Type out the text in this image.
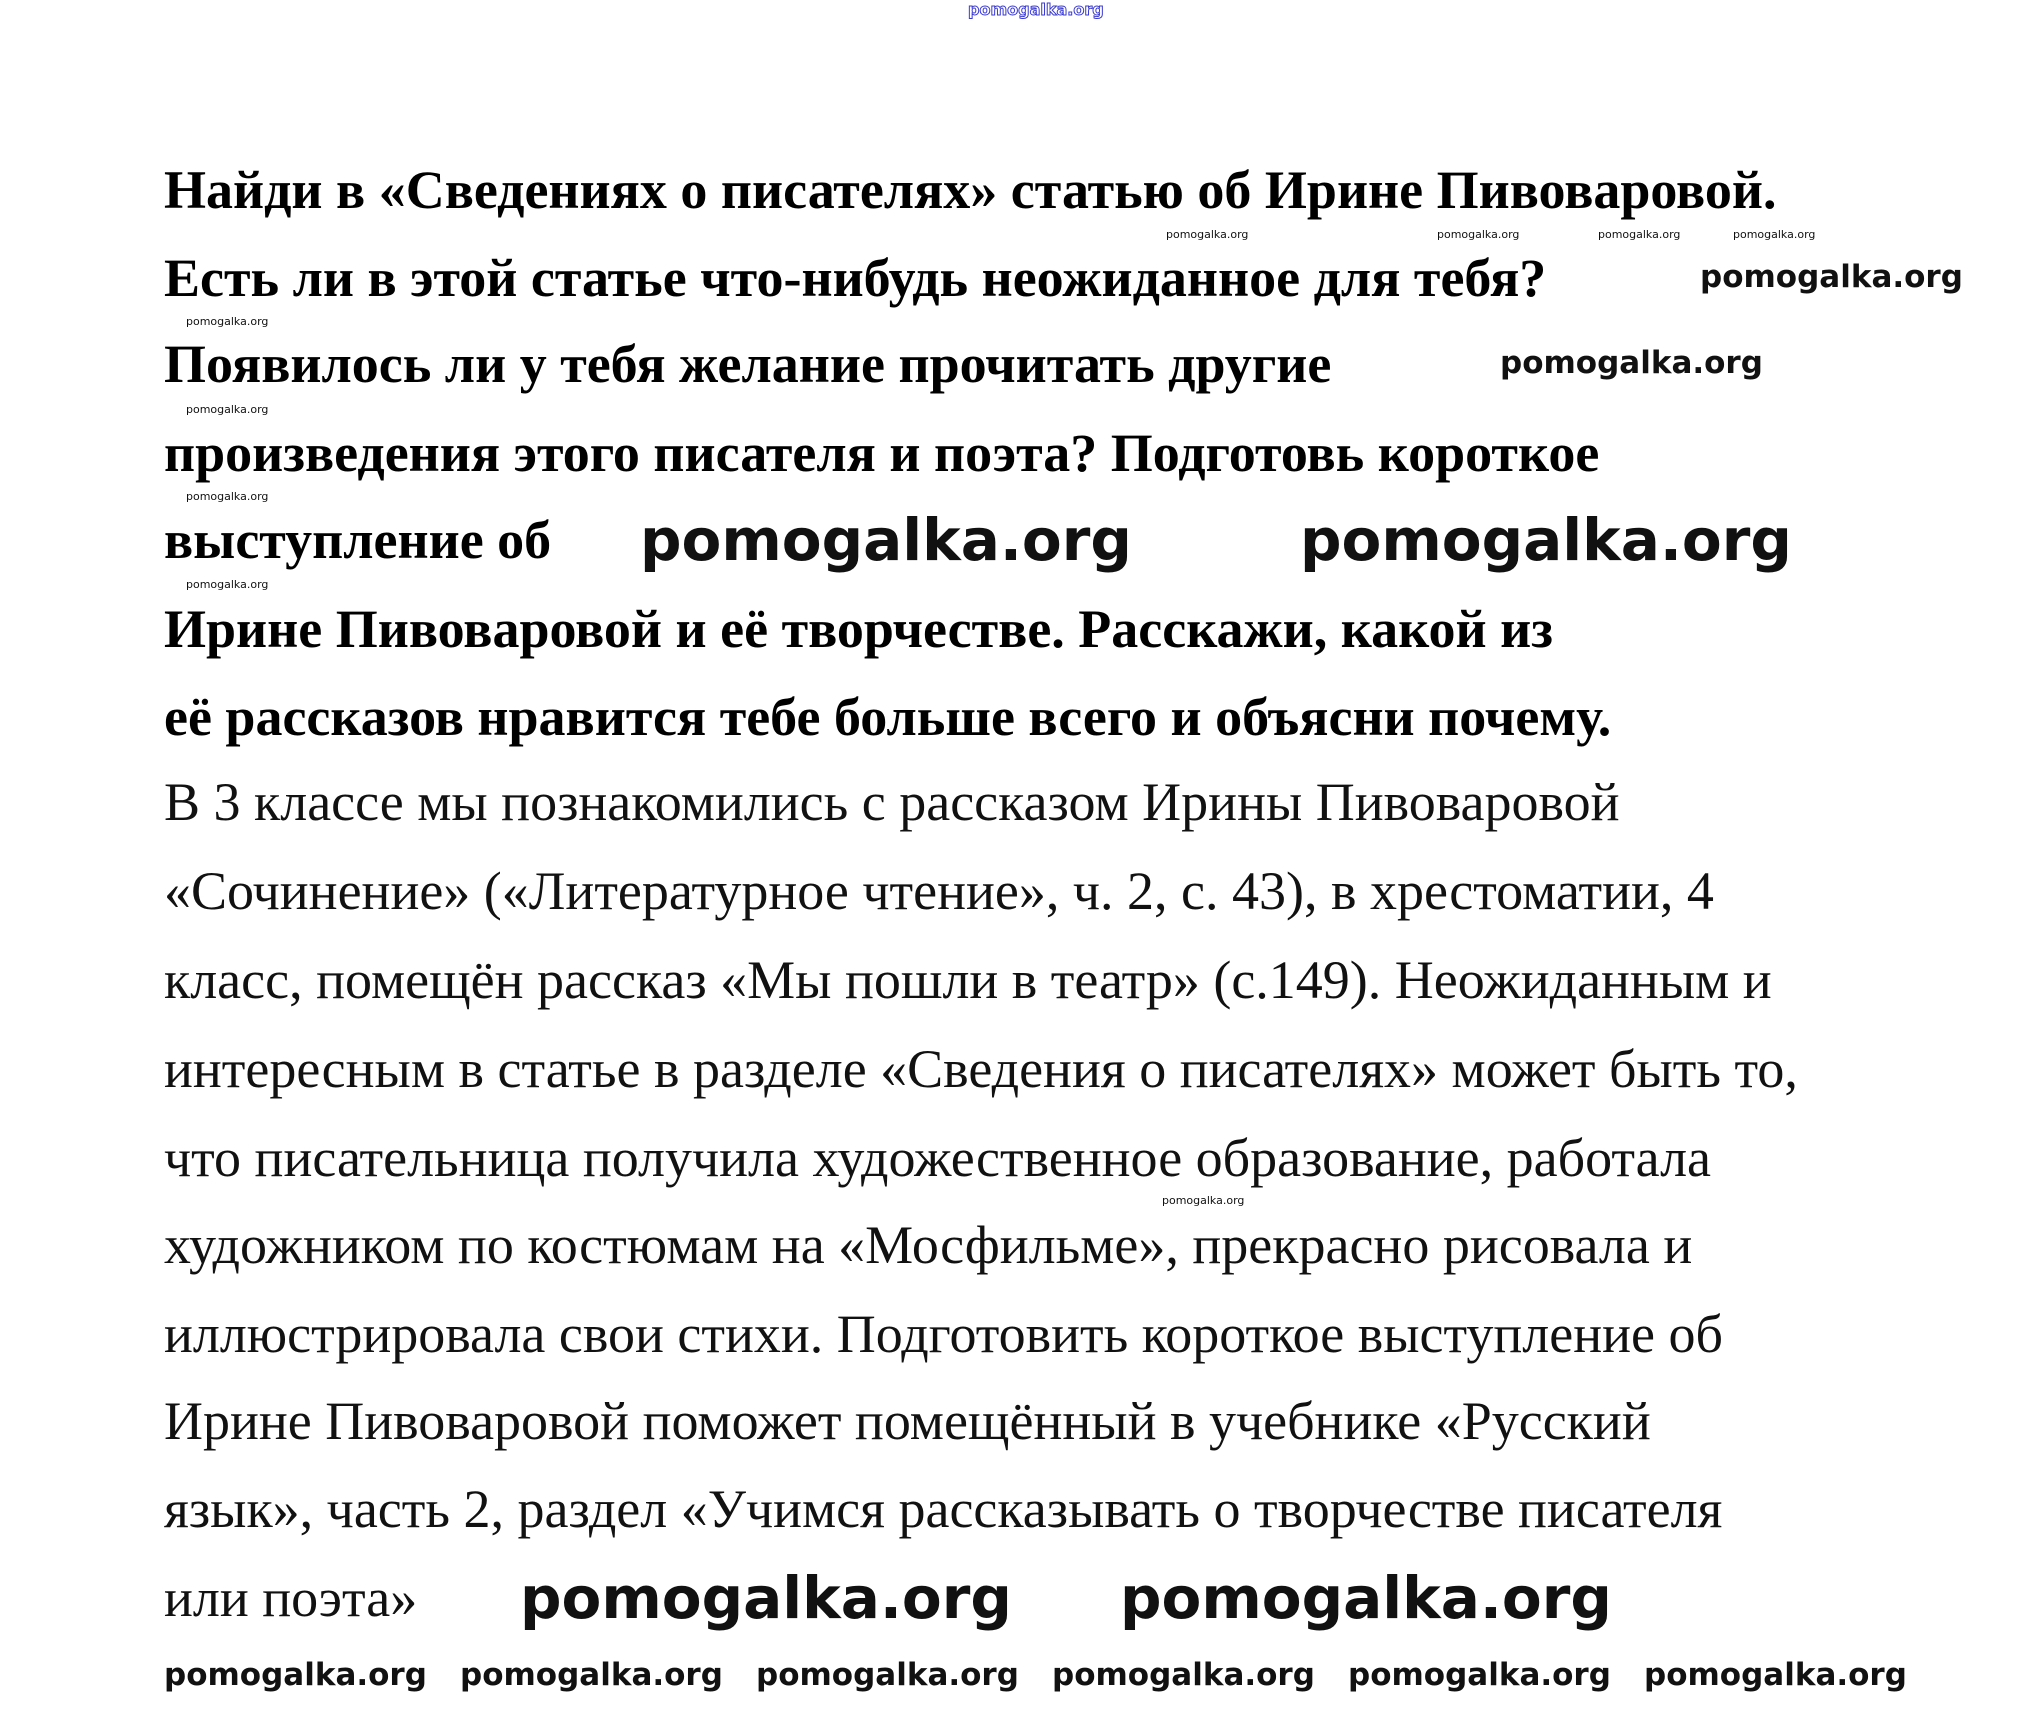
pomogalka.org
Найди в «Сведениях о писателях» статью об Ирине Пивоваровой.
Есть ли в этой статье что-нибудь неожиданное для тебя?
Появилось ли у тебя желание прочитать другие
произведения этого писателя и поэта? Подготовь короткое
выступление об
Ирине Пивоваровой и её творчестве. Расскажи, какой из
её рассказов нравится тебе больше всего и объясни почему.
В 3 классе мы познакомились с рассказом Ирины Пивоваровой
«Сочинение» («Литературное чтение», ч. 2, с. 43), в хрестоматии, 4
класс, помещён рассказ «Мы пошли в театр» (с.149). Неожиданным и
интересным в статье в разделе «Сведения о писателях» может быть то,
что писательница получила художественное образование, работала
художником по костюмам на «Мосфильме», прекрасно рисовала и
иллюстрировала свои стихи. Подготовить короткое выступление об
Ирине Пивоваровой поможет помещённый в учебнике «Русский
язык», часть 2, раздел «Учимся рассказывать о творчестве писателя
или поэта»
pomogalka.org	pomogalka.org	pomogalka.org	pomogalka.org
pomogalka.org
pomogalka.org
pomogalka.org
pomogalka.org
pomogalka.org
pomogalka.org
pomogalka.org
pomogalka.org
pomogalka.org
pomogalka.org pomogalka.org
pomogalka.org pomogalka.org pomogalka.org pomogalka.org pomogalka.org pomogalka.org
